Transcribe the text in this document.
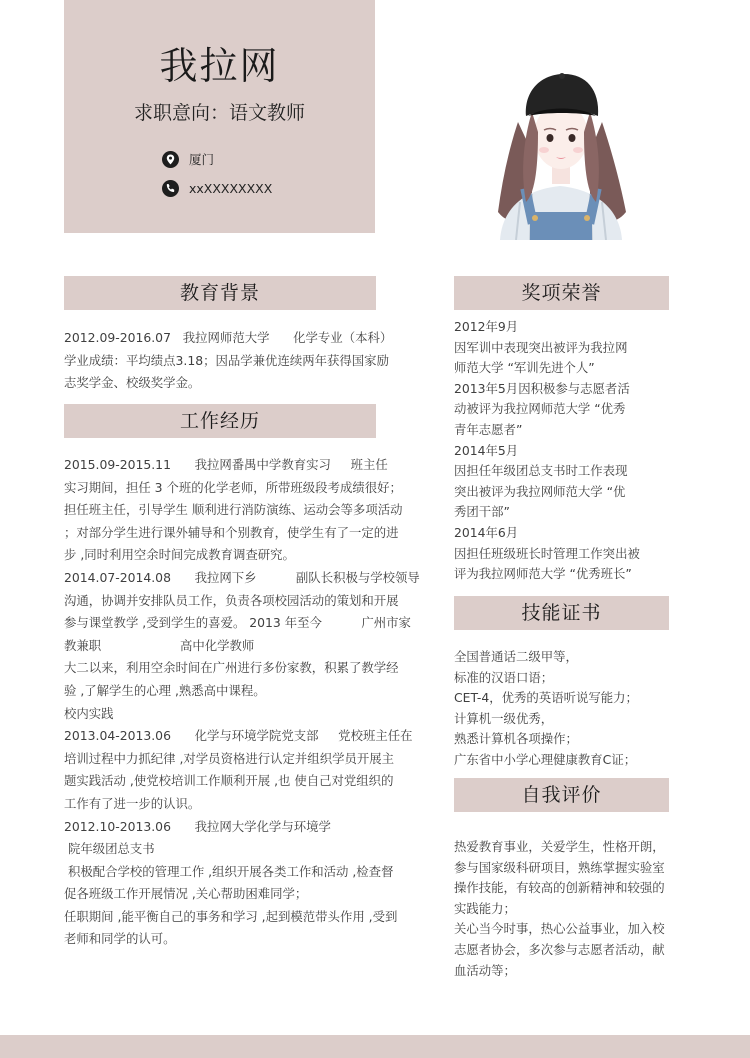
我拉网
求职意向：语文教师
厦门
xxXXXXXXXX
教育背景
2012.09-2016.07   我拉网师范大学      化学专业（本科）
学业成绩：平均绩点3.18；因品学兼优连续两年获得国家励
志奖学金、校级奖学金。
工作经历
2015.09-2015.11      我拉网番禺中学教育实习     班主任
实习期间，担任 3 个班的化学老师，所带班级段考成绩很好；
担任班主任，引导学生 顺利进行消防演练、运动会等多项活动
；对部分学生进行课外辅导和个别教育，使学生有了一定的进
步 ,同时利用空余时间完成教育调查研究。
2014.07-2014.08      我拉网下乡          副队长积极与学校领导
沟通，协调并安排队员工作，负责各项校园活动的策划和开展
参与课堂教学 ,受到学生的喜爱。 2013 年至今          广州市家
教兼职                    高中化学教师
大二以来，利用空余时间在广州进行多份家教，积累了教学经
验 ,了解学生的心理 ,熟悉高中课程。
校内实践
2013.04-2013.06      化学与环境学院党支部     党校班主任在
培训过程中力抓纪律 ,对学员资格进行认定并组织学员开展主
题实践活动 ,使党校培训工作顺利开展 ,也 使自己对党组织的
工作有了进一步的认识。
2012.10-2013.06      我拉网大学化学与环境学
院年级团总支书
积极配合学校的管理工作 ,组织开展各类工作和活动 ,检查督
促各班级工作开展情况 ,关心帮助困难同学；
任职期间 ,能平衡自己的事务和学习 ,起到模范带头作用 ,受到
老师和同学的认可。
奖项荣誉
2012年9月
因军训中表现突出被评为我拉网
师范大学 “军训先进个人”
2013年5月因积极参与志愿者活
动被评为我拉网师范大学 “优秀
青年志愿者”
2014年5月
因担任年级团总支书时工作表现
突出被评为我拉网师范大学 “优
秀团干部”
2014年6月
因担任班级班长时管理工作突出被
评为我拉网师范大学 “优秀班长”
技能证书
全国普通话二级甲等，
标准的汉语口语；
CET-4，优秀的英语听说写能力；
计算机一级优秀，
熟悉计算机各项操作；
广东省中小学心理健康教育C证；
自我评价
热爱教育事业，关爱学生，性格开朗，
参与国家级科研项目，熟练掌握实验室
操作技能，有较高的创新精神和较强的
实践能力；
关心当今时事，热心公益事业，加入校
志愿者协会，多次参与志愿者活动，献
血活动等；
